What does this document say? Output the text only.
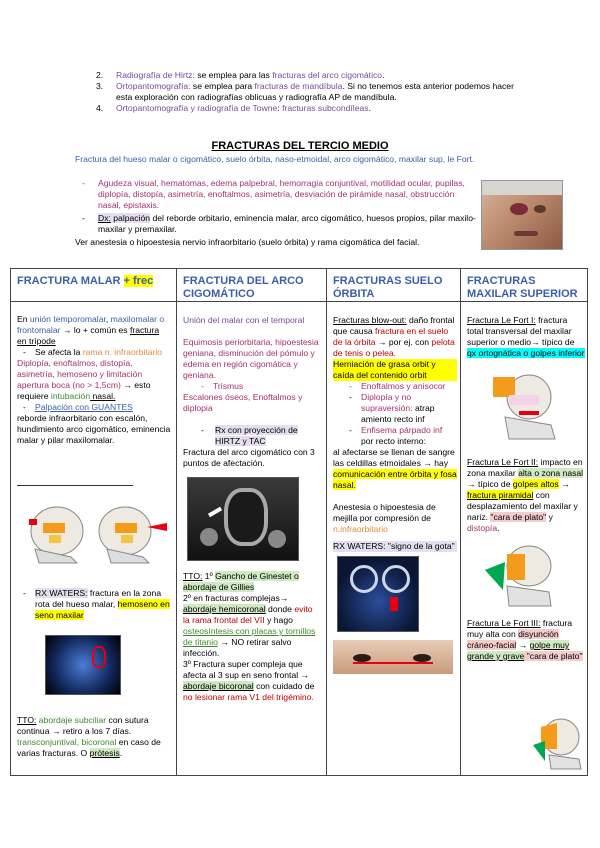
2. Radiografía de Hirtz: se emplea para las fracturas del arco cigomático.
3. Ortopantomografía: se emplea para fracturas de mandíbula. Si no tenemos esta anterior podemos hacer esta exploración con radiografías oblicuas y radiografía AP de mandíbula.
4. Ortopantomografía y radiografía de Towne: fracturas subcondíleas.
FRACTURAS DEL TERCIO MEDIO
Fractura del hueso malar o cigomático, suelo órbita, naso-etmoidal, arco cigomático, maxilar sup, le Fort.
- Agudeza visual, hematomas, edema palpebral, hemorragia conjuntival, motilidad ocular, pupilas, diplopía, distopía, asimetría, enoftalmos, asimetría, desviación de pirámide nasal, obstrucción nasal, epistaxis.
- Dx: palpación del reborde orbitario, eminencia malar, arco cigomático, huesos propios, pilar maxilo-maxilar y premaxilar.
Ver anestesia o hipoestesia nervio infraorbitario (suelo órbita) y rama cigomática del facial.
FRACTURA MALAR + frec
En unión temporomalar, maxilomalar o frontomalar → lo + común es fractura en trípode
- Se afecta la rama n. infraorbitario
Diplopía, enoftalmos, distopía, asimetría, hemoseno y limitación apertura boca (no > 1,5cm) → esto requiere intubación nasal.
- Palpación con GUANTES
reborde infraorbitario con escalón, hundimiento arco cigomático, eminencia malar y pilar maxilomalar.
- RX WATERS: fractura en la zona rota del hueso malar, hemoseno en seno maxilar
TTO: abordaje subciliar con sutura continua → retiro a los 7 días. transconjuntival, bicoronal en caso de varias fracturas. O prótesis.
FRACTURA DEL ARCO CIGOMÁTICO
Unión del malar con el temporal
Equimosis periorbitaria, hipoestesia geniana, disminución del pómulo y edema en región cigomática y geniana.
- Trismus
Escalones óseos, Enoftalmos y diplopia
- Rx con proyección de HIRTZ y TAC
Fractura del arco cigomático con 3 puntos de afectación.
TTO: 1º Gancho de Ginestet o abordaje de Gillies
2º en fracturas complejas→ abordaje hemicoronal donde evito la rama frontal del VII y hago osteosíntesis con placas y tornillos de titanio → NO retirar salvo infección.
3º Fractura super compleja que afecta al 3 sup en seno frontal → abordaje bicoronal con cuidado de no lesionar rama V1 del trigémino.
FRACTURAS SUELO ÓRBITA
Fracturas blow-out: daño frontal que causa fractura en el suelo de la órbita → por ej. con pelota de tenis o pelea.
Herniación de grasa orbit y caída del contenido orbit
- Enoftalmos y anisocor
- Diplopía y no supraversión: atrap amiento recto inf
- Enfisema párpado inf por recto interno:
al afectarse se llenan de sangre las celdillas etmoidales → hay comunicación entre órbita y fosa nasal.
Anestesia o hipoestesia de mejilla por compresión de n.infraorbitario
RX WATERS: "signo de la gota"
FRACTURAS MAXILAR SUPERIOR
Fractura Le Fort I: fractura total transversal del maxilar superior o medio→ típico de qx ortognática o golpes inferior
Fractura Le Fort II: impacto en zona maxilar alta o zona nasal → típico de golpes altos → fractura piramidal con desplazamiento del maxilar y nariz. "cara de plato" y distopía.
Fractura Le Fort III: fractura muy alta con disyunción cráneo-facial → golpe muy grande y grave "cara de plato"
